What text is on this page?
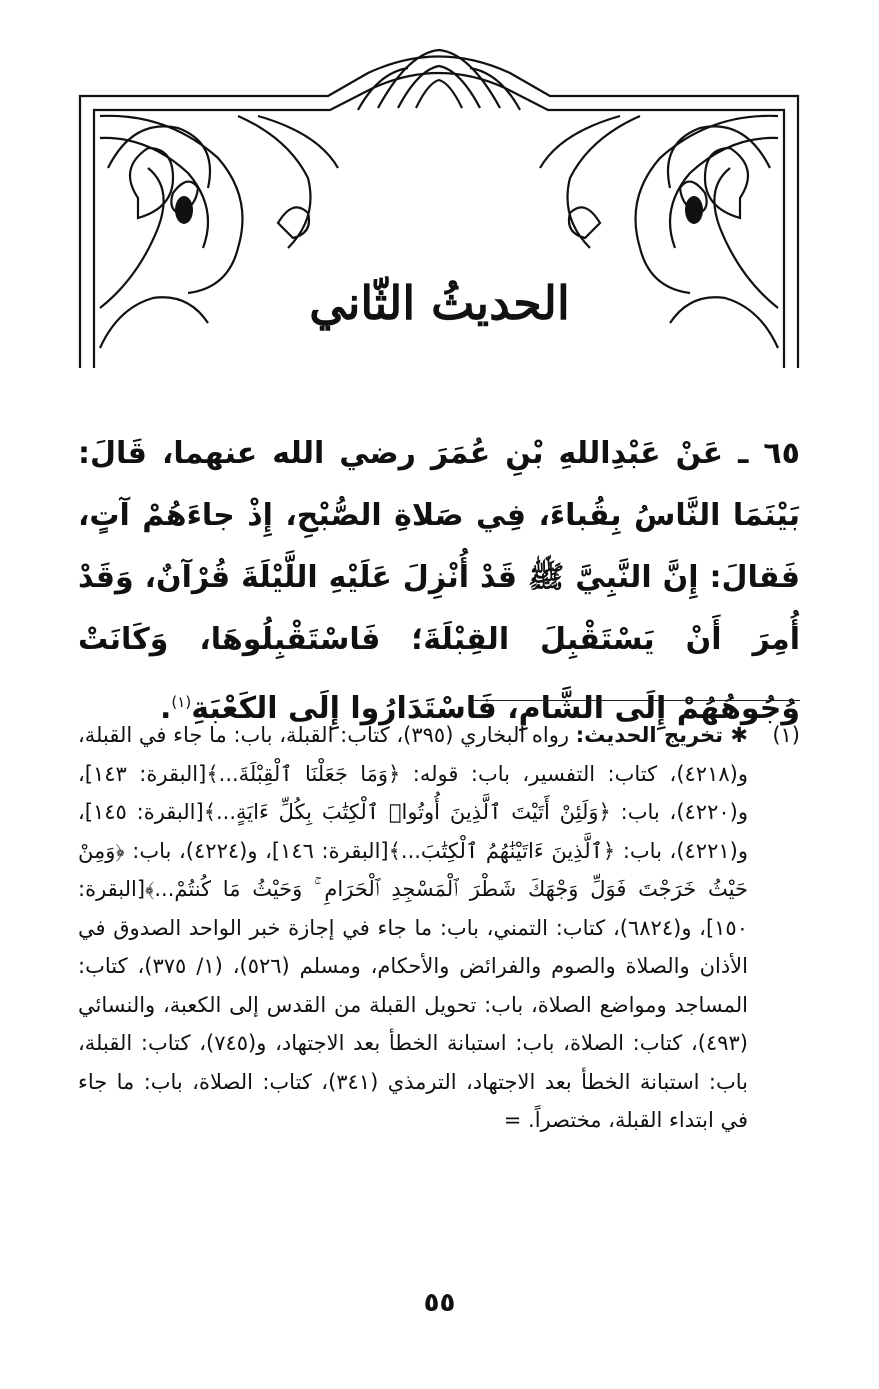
الحديثُ الثّاني
٦٥ ـ عَنْ عَبْدِاللهِ بْنِ عُمَرَ رضي الله عنهما، قَالَ: بَيْنَمَا النَّاسُ بِقُباءَ، فِي صَلاةِ الصُّبْحِ، إِذْ جاءَهُمْ آتٍ، فَقالَ: إِنَّ النَّبِيَّ ﷺ قَدْ أُنْزِلَ عَلَيْهِ اللَّيْلَةَ قُرْآنٌ، وَقَدْ أُمِرَ أَنْ يَسْتَقْبِلَ القِبْلَةَ؛ فَاسْتَقْبِلُوهَا، وَكَانَتْ وُجُوهُهُمْ إِلَى الشَّامِ، فَاسْتَدَارُوا إِلَى الكَعْبَةِ$^{(١)}$.
(١)
✱ تخريج الحديث: رواه البخاري (٣٩٥)، كتاب: القبلة، باب: ما جاء في القبلة، و(٤٢١٨)، كتاب: التفسير، باب: قوله: ﴿وَمَا جَعَلْنَا ٱلْقِبْلَةَ...﴾[البقرة: ١٤٣]، و(٤٢٢٠)، باب: ﴿وَلَئِنْ أَتَيْتَ ٱلَّذِينَ أُوتُوا۟ ٱلْكِتَٰبَ بِكُلِّ ءَايَةٍ...﴾[البقرة: ١٤٥]، و(٤٢٢١)، باب: ﴿ٱلَّذِينَ ءَاتَيْنَٰهُمُ ٱلْكِتَٰبَ...﴾[البقرة: ١٤٦]، و(٤٢٢٤)، باب: ﴿وَمِنْ حَيْثُ خَرَجْتَ فَوَلِّ وَجْهَكَ شَطْرَ ٱلْمَسْجِدِ ٱلْحَرَامِ ۚ وَحَيْثُ مَا كُنتُمْ...﴾[البقرة: ١٥٠]، و(٦٨٢٤)، كتاب: التمني، باب: ما جاء في إجازة خبر الواحد الصدوق في الأذان والصلاة والصوم والفرائض والأحكام، ومسلم (٥٢٦)، (١/ ٣٧٥)، كتاب: المساجد ومواضع الصلاة، باب: تحويل القبلة من القدس إلى الكعبة، والنسائي (٤٩٣)، كتاب: الصلاة، باب: استبانة الخطأ بعد الاجتهاد، و(٧٤٥)، كتاب: القبلة، باب: استبانة الخطأ بعد الاجتهاد، الترمذي (٣٤١)، كتاب: الصلاة، باب: ما جاء في ابتداء القبلة، مختصراً. =
٥٥
